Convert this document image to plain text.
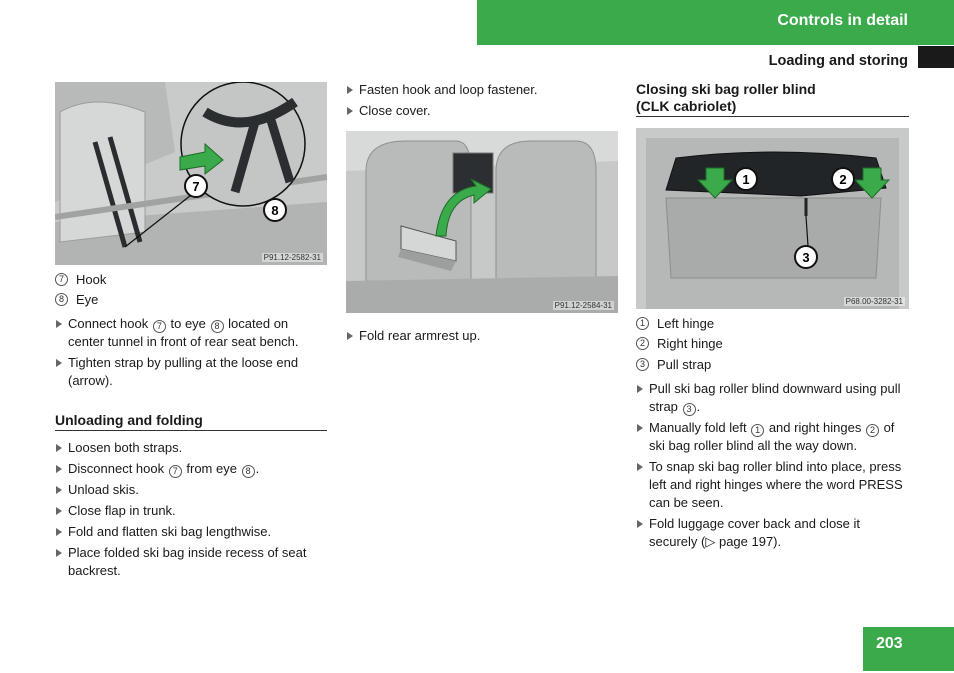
Controls in detail
Loading and storing
7
8
P91.12-2582-31
7 Hook
8 Eye
Connect hook 7 to eye 8 located on center tunnel in front of rear seat bench.
Tighten strap by pulling at the loose end (arrow).
Unloading and folding
Loosen both straps.
Disconnect hook 7 from eye 8 .
Unload skis.
Close flap in trunk.
Fold and flatten ski bag lengthwise.
Place folded ski bag inside recess of seat backrest.
Fasten hook and loop fastener.
Close cover.
P91.12-2584-31
Fold rear armrest up.
Closing ski bag roller blind
(CLK cabriolet)
1	2
3
P68.00-3282-31
1 Left hinge
2 Right hinge
3 Pull strap
Pull ski bag roller blind downward using pull strap 3 .
Manually fold left 1 and right hinges 2 of ski bag roller blind all the way down.
To snap ski bag roller blind into place, press left and right hinges where the word PRESS can be seen.
Fold luggage cover back and close it securely (▷ page 197).
203
